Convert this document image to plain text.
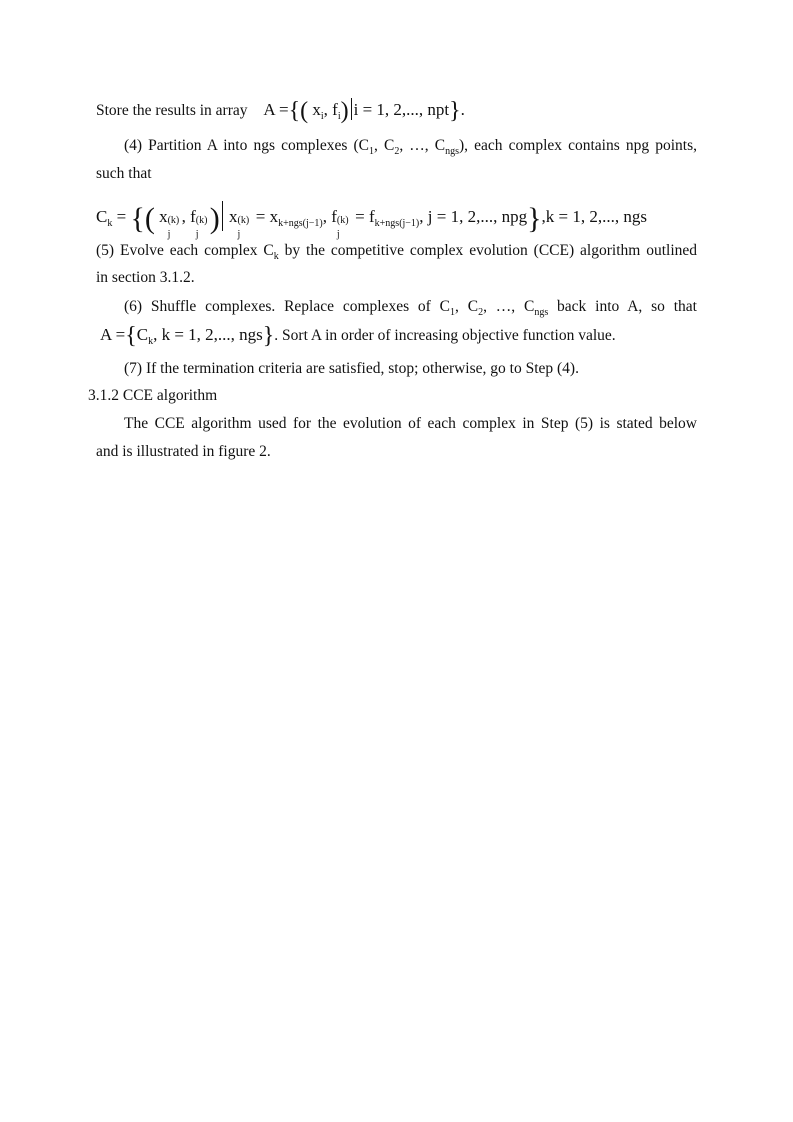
Store the results in array A ={( $x_i$, $f_i$) i = 1, 2,..., npt}.
(4) Partition A into ngs complexes ($C_1$, $C_2$, …, $C_{ngs}$), each complex contains npg points,
such that
$C_k$ = {( x (k)
j
, f (k)
j ) x (k)
j
= $x_{k+ngs(j-1)}$, f (k)
j
= $f_{k+ngs(j-1)}$, j = 1, 2,..., npg},k = 1, 2,..., ngs
(5) Evolve each complex $C_k$ by the competitive complex evolution (CCE) algorithm outlined
in section 3.1.2.
(6) Shuffle complexes. Replace complexes of $C_1$, $C_2$, …, $C_{ngs}$ back into A, so that
$A =\{C_k$, k = 1, 2,..., ngs}. Sort A in order of increasing objective function value.
(7) If the termination criteria are satisfied, stop; otherwise, go to Step (4).
3.1.2 CCE algorithm
The CCE algorithm used for the evolution of each complex in Step (5) is stated below
and is illustrated in figure 2.
